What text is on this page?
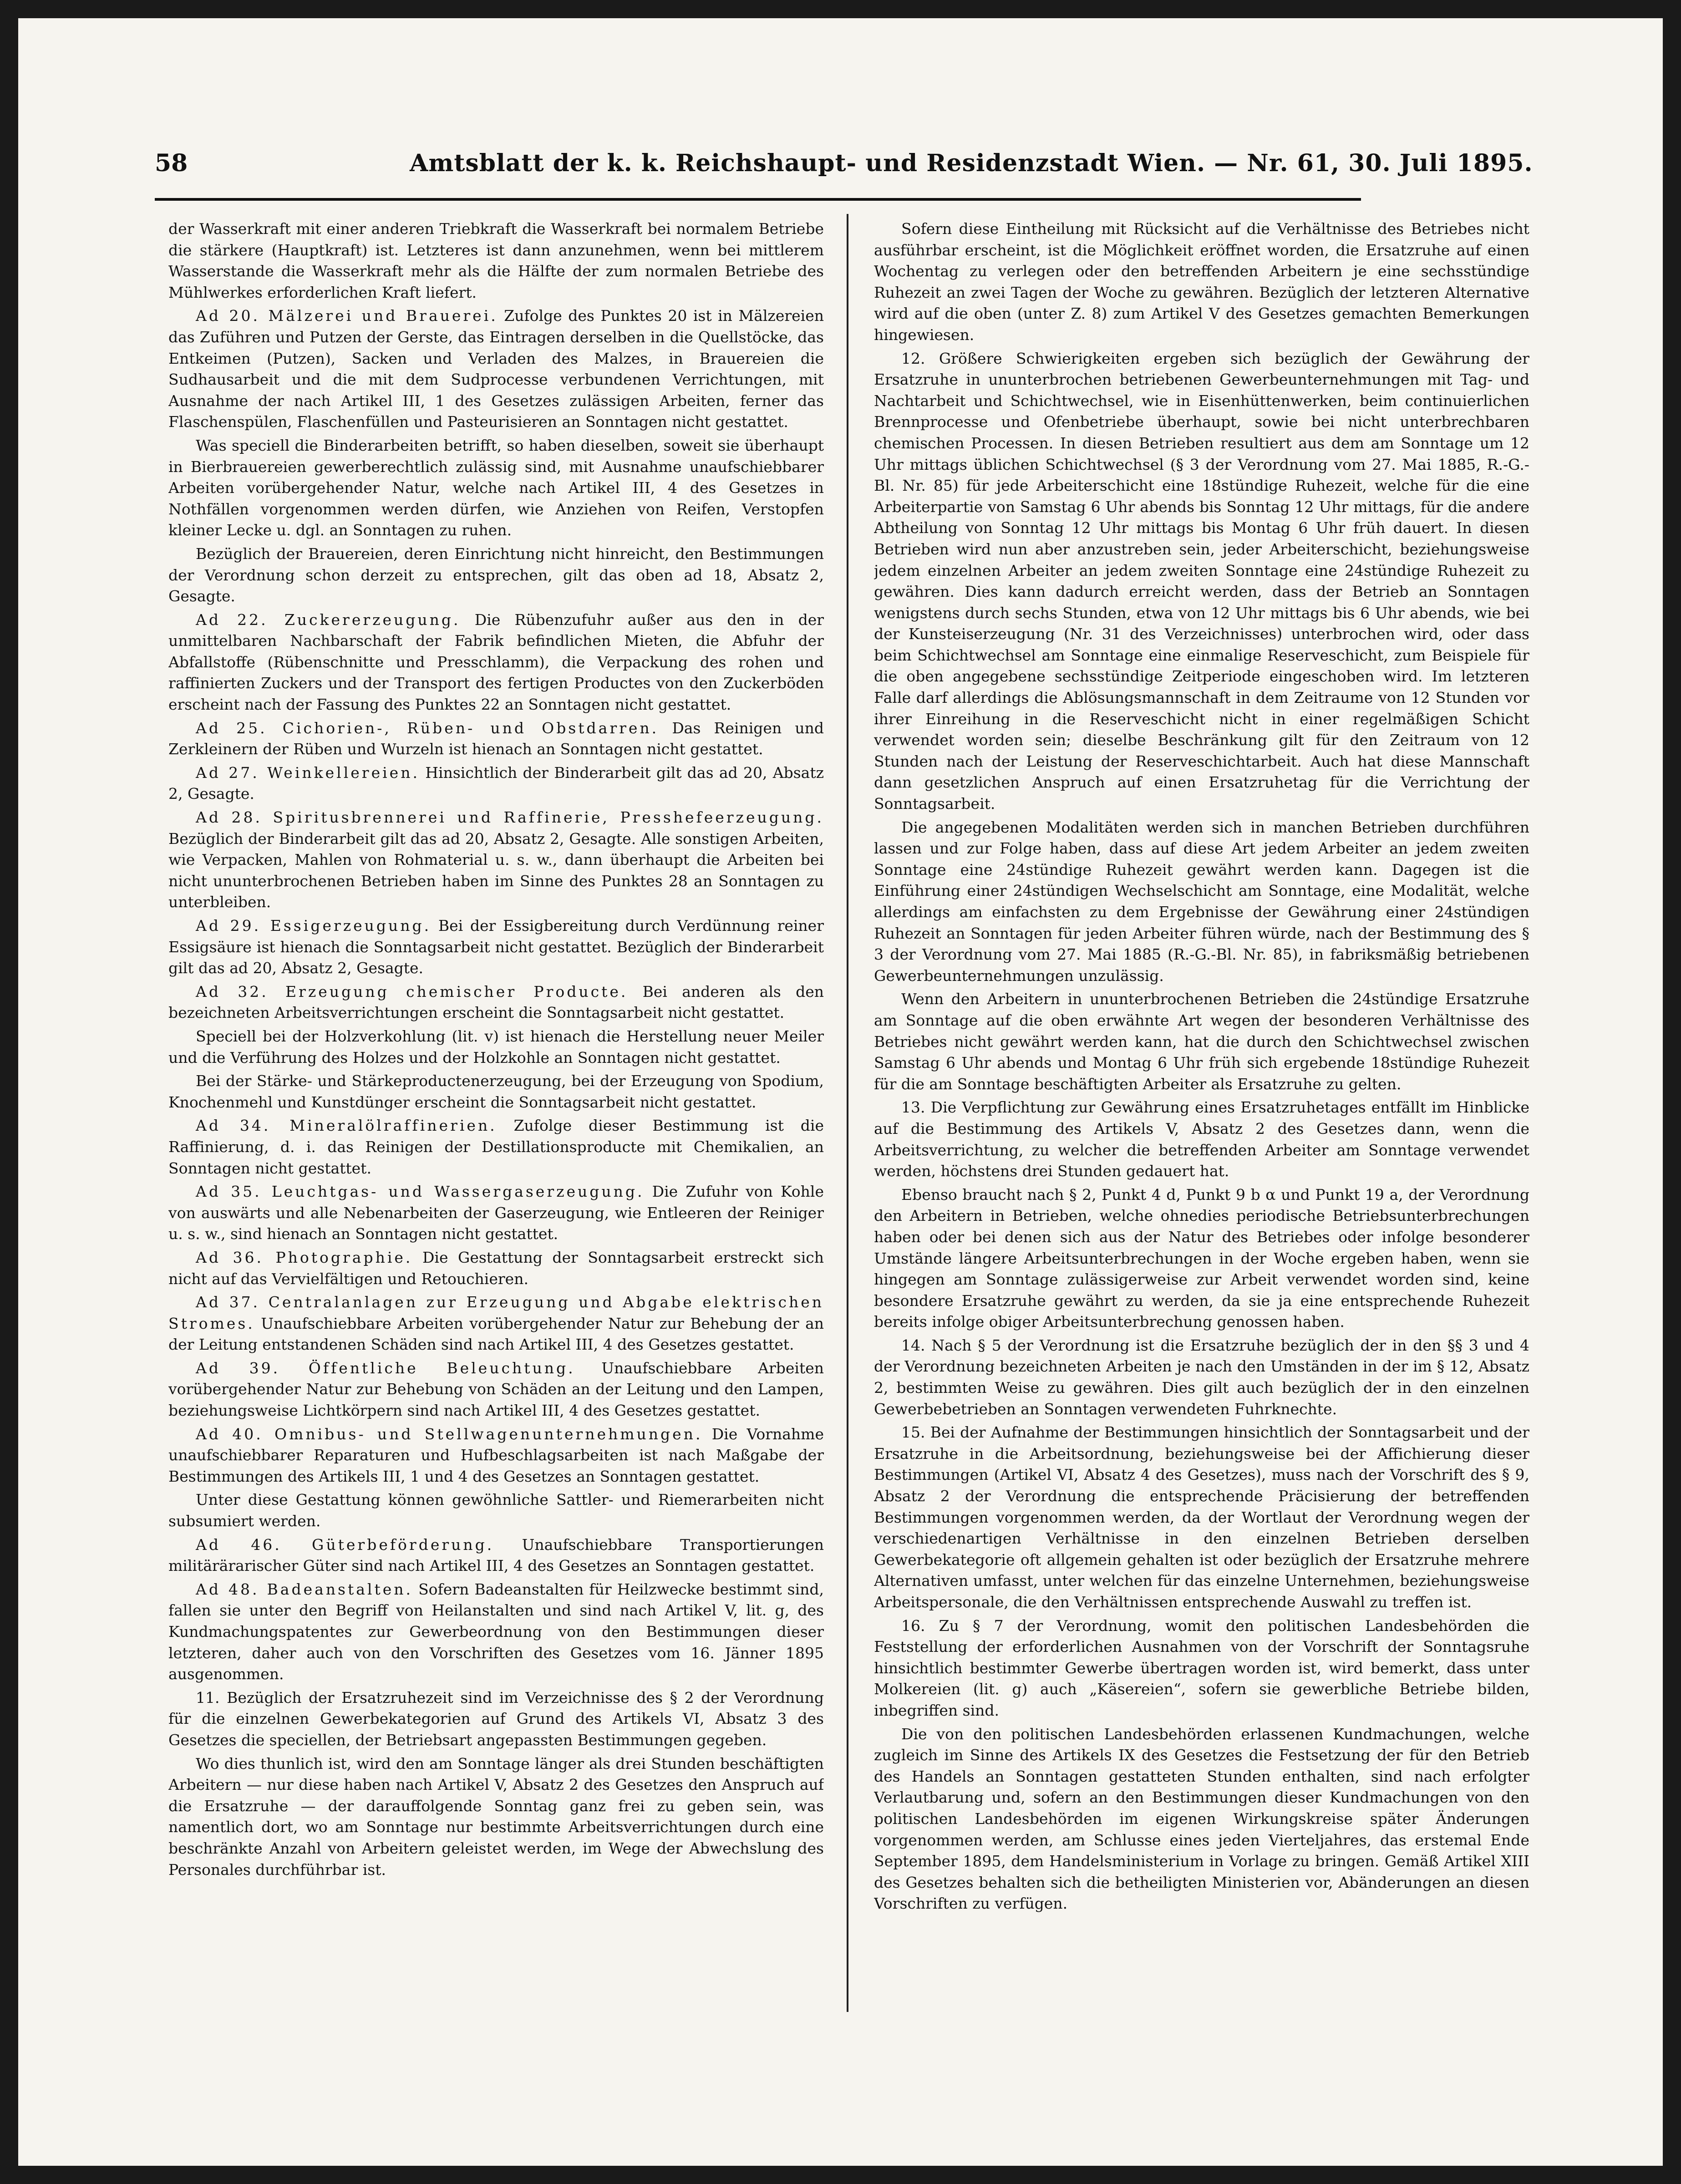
58	Amtsblatt der k. k. Reichshaupt- und Residenzstadt Wien. — Nr. 61, 30. Juli 1895.

der Wasserkraft mit einer anderen Triebkraft die Wasserkraft bei normalem Betriebe die stärkere (Hauptkraft) ist. Letzteres ist dann anzunehmen, wenn bei mittlerem Wasserstande die Wasserkraft mehr als die Hälfte der zum normalen Betriebe des Mühlwerkes erforderlichen Kraft liefert.

Ad 20. Mälzerei und Brauerei. Zufolge des Punktes 20 ist in Mälzereien das Zuführen und Putzen der Gerste, das Eintragen derselben in die Quellstöcke, das Entkeimen (Putzen), Sacken und Verladen des Malzes, in Brauereien die Sudhausarbeit und die mit dem Sudprocesse verbundenen Verrichtungen, mit Ausnahme der nach Artikel III, 1 des Gesetzes zulässigen Arbeiten, ferner das Flaschenspülen, Flaschenfüllen und Pasteurisieren an Sonntagen nicht gestattet.

Was speciell die Binderarbeiten betrifft, so haben dieselben, soweit sie überhaupt in Bierbrauereien gewerberechtlich zulässig sind, mit Ausnahme unaufschiebbarer Arbeiten vorübergehender Natur, welche nach Artikel III, 4 des Gesetzes in Nothfällen vorgenommen werden dürfen, wie Anziehen von Reifen, Verstopfen kleiner Lecke u. dgl. an Sonntagen zu ruhen.

Bezüglich der Brauereien, deren Einrichtung nicht hinreicht, den Bestimmungen der Verordnung schon derzeit zu entsprechen, gilt das oben ad 18, Absatz 2, Gesagte.

Ad 22. Zuckererzeugung. Die Rübenzufuhr außer aus den in der unmittelbaren Nachbarschaft der Fabrik befindlichen Mieten, die Abfuhr der Abfallstoffe (Rübenschnitte und Presschlamm), die Verpackung des rohen und raffinierten Zuckers und der Transport des fertigen Productes von den Zuckerböden erscheint nach der Fassung des Punktes 22 an Sonntagen nicht gestattet.

Ad 25. Cichorien-, Rüben- und Obstdarren. Das Reinigen und Zerkleinern der Rüben und Wurzeln ist hienach an Sonntagen nicht gestattet.

Ad 27. Weinkellereien. Hinsichtlich der Binderarbeit gilt das ad 20, Absatz 2, Gesagte.

Ad 28. Spiritusbrennerei und Raffinerie, Presshefeerzeugung. Bezüglich der Binderarbeit gilt das ad 20, Absatz 2, Gesagte. Alle sonstigen Arbeiten, wie Verpacken, Mahlen von Rohmaterial u. s. w., dann überhaupt die Arbeiten bei nicht ununterbrochenen Betrieben haben im Sinne des Punktes 28 an Sonntagen zu unterbleiben.

Ad 29. Essigerzeugung. Bei der Essigbereitung durch Verdünnung reiner Essigsäure ist hienach die Sonntagsarbeit nicht gestattet. Bezüglich der Binderarbeit gilt das ad 20, Absatz 2, Gesagte.

Ad 32. Erzeugung chemischer Producte. Bei anderen als den bezeichneten Arbeitsverrichtungen erscheint die Sonntagsarbeit nicht gestattet.

Speciell bei der Holzverkohlung (lit. v) ist hienach die Herstellung neuer Meiler und die Verführung des Holzes und der Holzkohle an Sonntagen nicht gestattet.

Bei der Stärke- und Stärkeproductenerzeugung, bei der Erzeugung von Spodium, Knochenmehl und Kunstdünger erscheint die Sonntagsarbeit nicht gestattet.

Ad 34. Mineralölraffinerien. Zufolge dieser Bestimmung ist die Raffinierung, d. i. das Reinigen der Destillationsproducte mit Chemikalien, an Sonntagen nicht gestattet.

Ad 35. Leuchtgas- und Wassergaserzeugung. Die Zufuhr von Kohle von auswärts und alle Nebenarbeiten der Gaserzeugung, wie Entleeren der Reiniger u. s. w., sind hienach an Sonntagen nicht gestattet.

Ad 36. Photographie. Die Gestattung der Sonntagsarbeit erstreckt sich nicht auf das Vervielfältigen und Retouchieren.

Ad 37. Centralanlagen zur Erzeugung und Abgabe elektrischen Stromes. Unaufschiebbare Arbeiten vorübergehender Natur zur Behebung der an der Leitung entstandenen Schäden sind nach Artikel III, 4 des Gesetzes gestattet.

Ad 39. Öffentliche Beleuchtung. Unaufschiebbare Arbeiten vorübergehender Natur zur Behebung von Schäden an der Leitung und den Lampen, beziehungsweise Lichtkörpern sind nach Artikel III, 4 des Gesetzes gestattet.

Ad 40. Omnibus- und Stellwagenunternehmungen. Die Vornahme unaufschiebbarer Reparaturen und Hufbeschlagsarbeiten ist nach Maßgabe der Bestimmungen des Artikels III, 1 und 4 des Gesetzes an Sonntagen gestattet.

Unter diese Gestattung können gewöhnliche Sattler- und Riemerarbeiten nicht subsumiert werden.

Ad 46. Güterbeförderung. Unaufschiebbare Transportierungen militärärarischer Güter sind nach Artikel III, 4 des Gesetzes an Sonntagen gestattet.

Ad 48. Badeanstalten. Sofern Badeanstalten für Heilzwecke bestimmt sind, fallen sie unter den Begriff von Heilanstalten und sind nach Artikel V, lit. g, des Kundmachungspatentes zur Gewerbeordnung von den Bestimmungen dieser letzteren, daher auch von den Vorschriften des Gesetzes vom 16. Jänner 1895 ausgenommen.

11. Bezüglich der Ersatzruhezeit sind im Verzeichnisse des § 2 der Verordnung für die einzelnen Gewerbekategorien auf Grund des Artikels VI, Absatz 3 des Gesetzes die speciellen, der Betriebsart angepassten Bestimmungen gegeben.

Wo dies thunlich ist, wird den am Sonntage länger als drei Stunden beschäftigten Arbeitern — nur diese haben nach Artikel V, Absatz 2 des Gesetzes den Anspruch auf die Ersatzruhe — der darauffolgende Sonntag ganz frei zu geben sein, was namentlich dort, wo am Sonntage nur bestimmte Arbeitsverrichtungen durch eine beschränkte Anzahl von Arbeitern geleistet werden, im Wege der Abwechslung des Personales durchführbar ist.

Sofern diese Eintheilung mit Rücksicht auf die Verhältnisse des Betriebes nicht ausführbar erscheint, ist die Möglichkeit eröffnet worden, die Ersatzruhe auf einen Wochentag zu verlegen oder den betreffenden Arbeitern je eine sechsstündige Ruhezeit an zwei Tagen der Woche zu gewähren. Bezüglich der letzteren Alternative wird auf die oben (unter Z. 8) zum Artikel V des Gesetzes gemachten Bemerkungen hingewiesen.

12. Größere Schwierigkeiten ergeben sich bezüglich der Gewährung der Ersatzruhe in ununterbrochen betriebenen Gewerbeunternehmungen mit Tag- und Nachtarbeit und Schichtwechsel, wie in Eisenhüttenwerken, beim continuierlichen Brennprocesse und Ofenbetriebe überhaupt, sowie bei nicht unterbrechbaren chemischen Processen. In diesen Betrieben resultiert aus dem am Sonntage um 12 Uhr mittags üblichen Schichtwechsel (§ 3 der Verordnung vom 27. Mai 1885, R.-G.-Bl. Nr. 85) für jede Arbeiterschicht eine 18stündige Ruhezeit, welche für die eine Arbeiterpartie von Samstag 6 Uhr abends bis Sonntag 12 Uhr mittags, für die andere Abtheilung von Sonntag 12 Uhr mittags bis Montag 6 Uhr früh dauert. In diesen Betrieben wird nun aber anzustreben sein, jeder Arbeiterschicht, beziehungsweise jedem einzelnen Arbeiter an jedem zweiten Sonntage eine 24stündige Ruhezeit zu gewähren. Dies kann dadurch erreicht werden, dass der Betrieb an Sonntagen wenigstens durch sechs Stunden, etwa von 12 Uhr mittags bis 6 Uhr abends, wie bei der Kunsteiserzeugung (Nr. 31 des Verzeichnisses) unterbrochen wird, oder dass beim Schichtwechsel am Sonntage eine einmalige Reserveschicht, zum Beispiele für die oben angegebene sechsstündige Zeitperiode eingeschoben wird. Im letzteren Falle darf allerdings die Ablösungsmannschaft in dem Zeitraume von 12 Stunden vor ihrer Einreihung in die Reserveschicht nicht in einer regelmäßigen Schicht verwendet worden sein; dieselbe Beschränkung gilt für den Zeitraum von 12 Stunden nach der Leistung der Reserveschichtarbeit. Auch hat diese Mannschaft dann gesetzlichen Anspruch auf einen Ersatzruhetag für die Verrichtung der Sonntagsarbeit.

Die angegebenen Modalitäten werden sich in manchen Betrieben durchführen lassen und zur Folge haben, dass auf diese Art jedem Arbeiter an jedem zweiten Sonntage eine 24stündige Ruhezeit gewährt werden kann. Dagegen ist die Einführung einer 24stündigen Wechselschicht am Sonntage, eine Modalität, welche allerdings am einfachsten zu dem Ergebnisse der Gewährung einer 24stündigen Ruhezeit an Sonntagen für jeden Arbeiter führen würde, nach der Bestimmung des § 3 der Verordnung vom 27. Mai 1885 (R.-G.-Bl. Nr. 85), in fabriksmäßig betriebenen Gewerbeunternehmungen unzulässig.

Wenn den Arbeitern in ununterbrochenen Betrieben die 24stündige Ersatzruhe am Sonntage auf die oben erwähnte Art wegen der besonderen Verhältnisse des Betriebes nicht gewährt werden kann, hat die durch den Schichtwechsel zwischen Samstag 6 Uhr abends und Montag 6 Uhr früh sich ergebende 18stündige Ruhezeit für die am Sonntage beschäftigten Arbeiter als Ersatzruhe zu gelten.

13. Die Verpflichtung zur Gewährung eines Ersatzruhetages entfällt im Hinblicke auf die Bestimmung des Artikels V, Absatz 2 des Gesetzes dann, wenn die Arbeitsverrichtung, zu welcher die betreffenden Arbeiter am Sonntage verwendet werden, höchstens drei Stunden gedauert hat.

Ebenso braucht nach § 2, Punkt 4 d, Punkt 9 b α und Punkt 19 a, der Verordnung den Arbeitern in Betrieben, welche ohnedies periodische Betriebsunterbrechungen haben oder bei denen sich aus der Natur des Betriebes oder infolge besonderer Umstände längere Arbeitsunterbrechungen in der Woche ergeben haben, wenn sie hingegen am Sonntage zulässigerweise zur Arbeit verwendet worden sind, keine besondere Ersatzruhe gewährt zu werden, da sie ja eine entsprechende Ruhezeit bereits infolge obiger Arbeitsunterbrechung genossen haben.

14. Nach § 5 der Verordnung ist die Ersatzruhe bezüglich der in den §§ 3 und 4 der Verordnung bezeichneten Arbeiten je nach den Umständen in der im § 12, Absatz 2, bestimmten Weise zu gewähren. Dies gilt auch bezüglich der in den einzelnen Gewerbebetrieben an Sonntagen verwendeten Fuhrknechte.

15. Bei der Aufnahme der Bestimmungen hinsichtlich der Sonntagsarbeit und der Ersatzruhe in die Arbeitsordnung, beziehungsweise bei der Affichierung dieser Bestimmungen (Artikel VI, Absatz 4 des Gesetzes), muss nach der Vorschrift des § 9, Absatz 2 der Verordnung die entsprechende Präcisierung der betreffenden Bestimmungen vorgenommen werden, da der Wortlaut der Verordnung wegen der verschiedenartigen Verhältnisse in den einzelnen Betrieben derselben Gewerbekategorie oft allgemein gehalten ist oder bezüglich der Ersatzruhe mehrere Alternativen umfasst, unter welchen für das einzelne Unternehmen, beziehungsweise Arbeitspersonale, die den Verhältnissen entsprechende Auswahl zu treffen ist.

16. Zu § 7 der Verordnung, womit den politischen Landesbehörden die Feststellung der erforderlichen Ausnahmen von der Vorschrift der Sonntagsruhe hinsichtlich bestimmter Gewerbe übertragen worden ist, wird bemerkt, dass unter Molkereien (lit. g) auch „Käsereien“, sofern sie gewerbliche Betriebe bilden, inbegriffen sind.

Die von den politischen Landesbehörden erlassenen Kundmachungen, welche zugleich im Sinne des Artikels IX des Gesetzes die Festsetzung der für den Betrieb des Handels an Sonntagen gestatteten Stunden enthalten, sind nach erfolgter Verlautbarung und, sofern an den Bestimmungen dieser Kundmachungen von den politischen Landesbehörden im eigenen Wirkungskreise später Änderungen vorgenommen werden, am Schlusse eines jeden Vierteljahres, das erstemal Ende September 1895, dem Handelsministerium in Vorlage zu bringen. Gemäß Artikel XIII des Gesetzes behalten sich die betheiligten Ministerien vor, Abänderungen an diesen Vorschriften zu verfügen.
